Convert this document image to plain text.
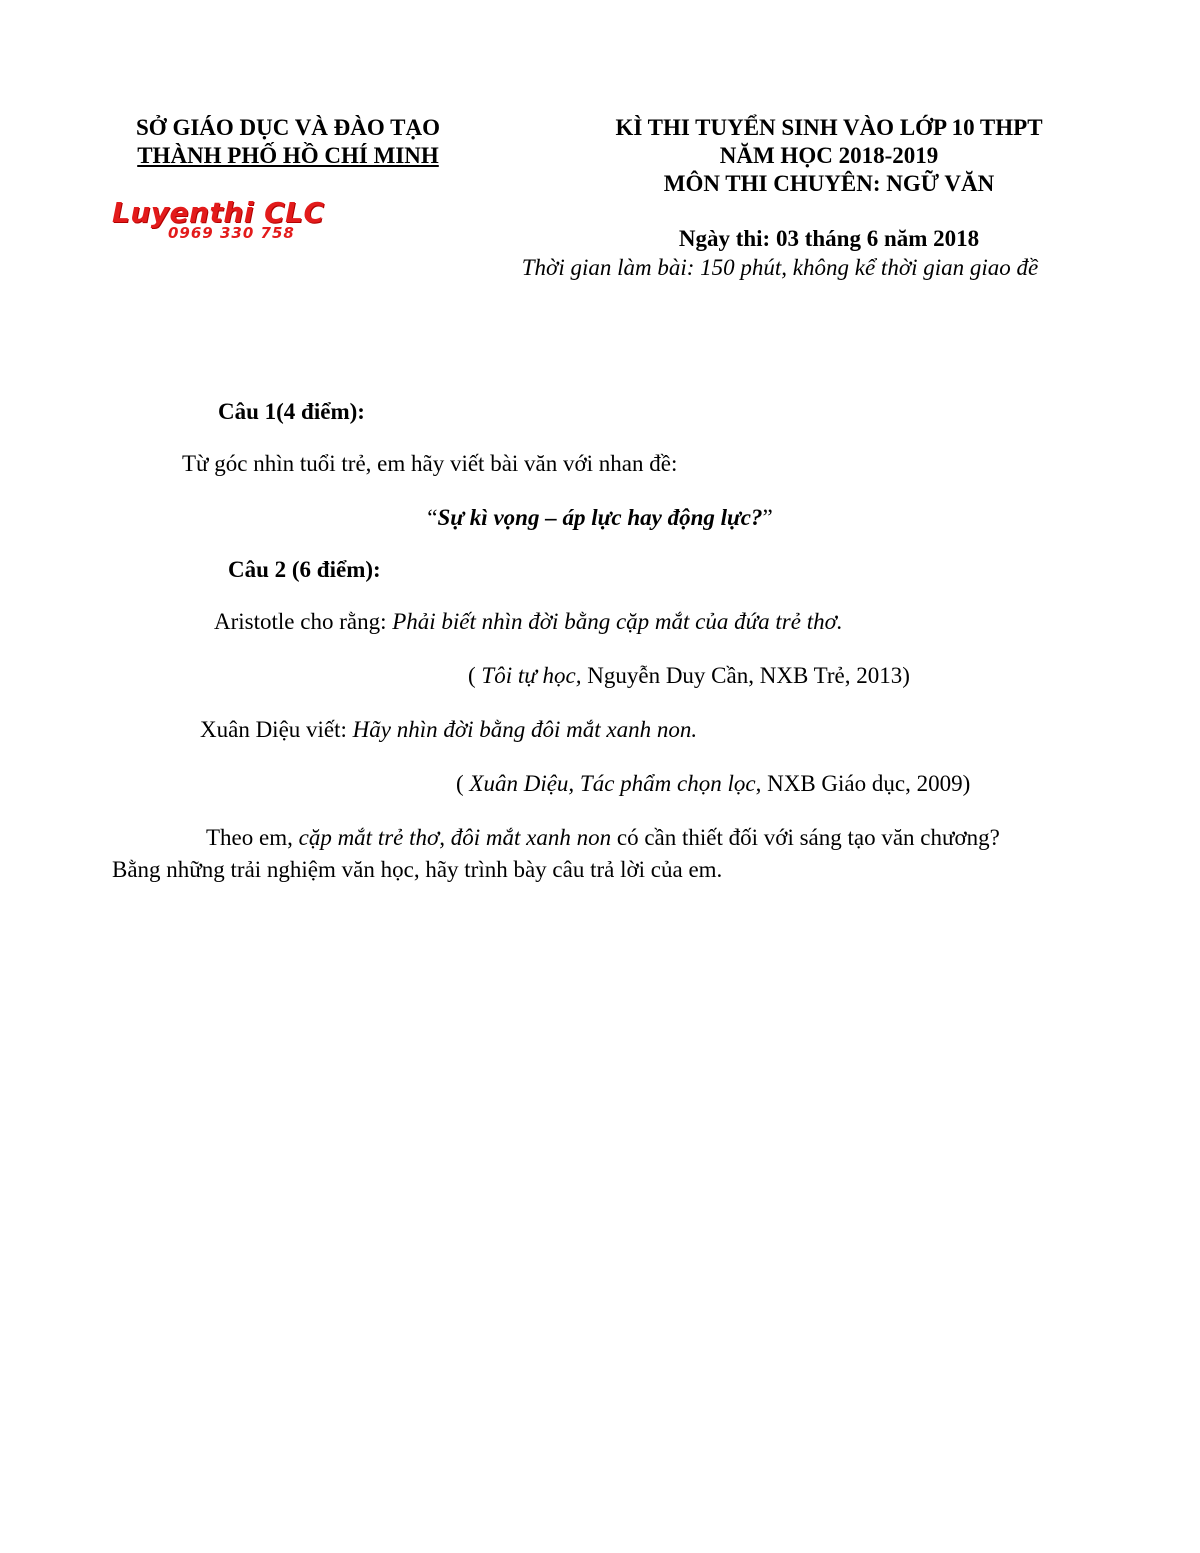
SỞ GIÁO DỤC VÀ ĐÀO TẠO
THÀNH PHỐ HỒ CHÍ MINH
Luyenthi CLC
0969 330 758
KÌ THI TUYỂN SINH VÀO LỚP 10 THPT
NĂM HỌC 2018-2019
MÔN THI CHUYÊN: NGỮ VĂN
Ngày thi: 03 tháng 6 năm 2018
Thời gian làm bài: 150 phút, không kể thời gian giao đề
Câu 1(4 điểm):
Từ góc nhìn tuổi trẻ, em hãy viết bài văn với nhan đề:
“Sự kì vọng – áp lực hay động lực?”
Câu 2 (6 điểm):
Aristotle cho rằng: Phải biết nhìn đời bằng cặp mắt của đứa trẻ thơ.
( Tôi tự học, Nguyễn Duy Cần, NXB Trẻ, 2013)
Xuân Diệu viết: Hãy nhìn đời bằng đôi mắt xanh non.
( Xuân Diệu, Tác phẩm chọn lọc, NXB Giáo dục, 2009)
Theo em, cặp mắt trẻ thơ, đôi mắt xanh non có cần thiết đối với sáng tạo văn chương?
Bằng những trải nghiệm văn học, hãy trình bày câu trả lời của em.
